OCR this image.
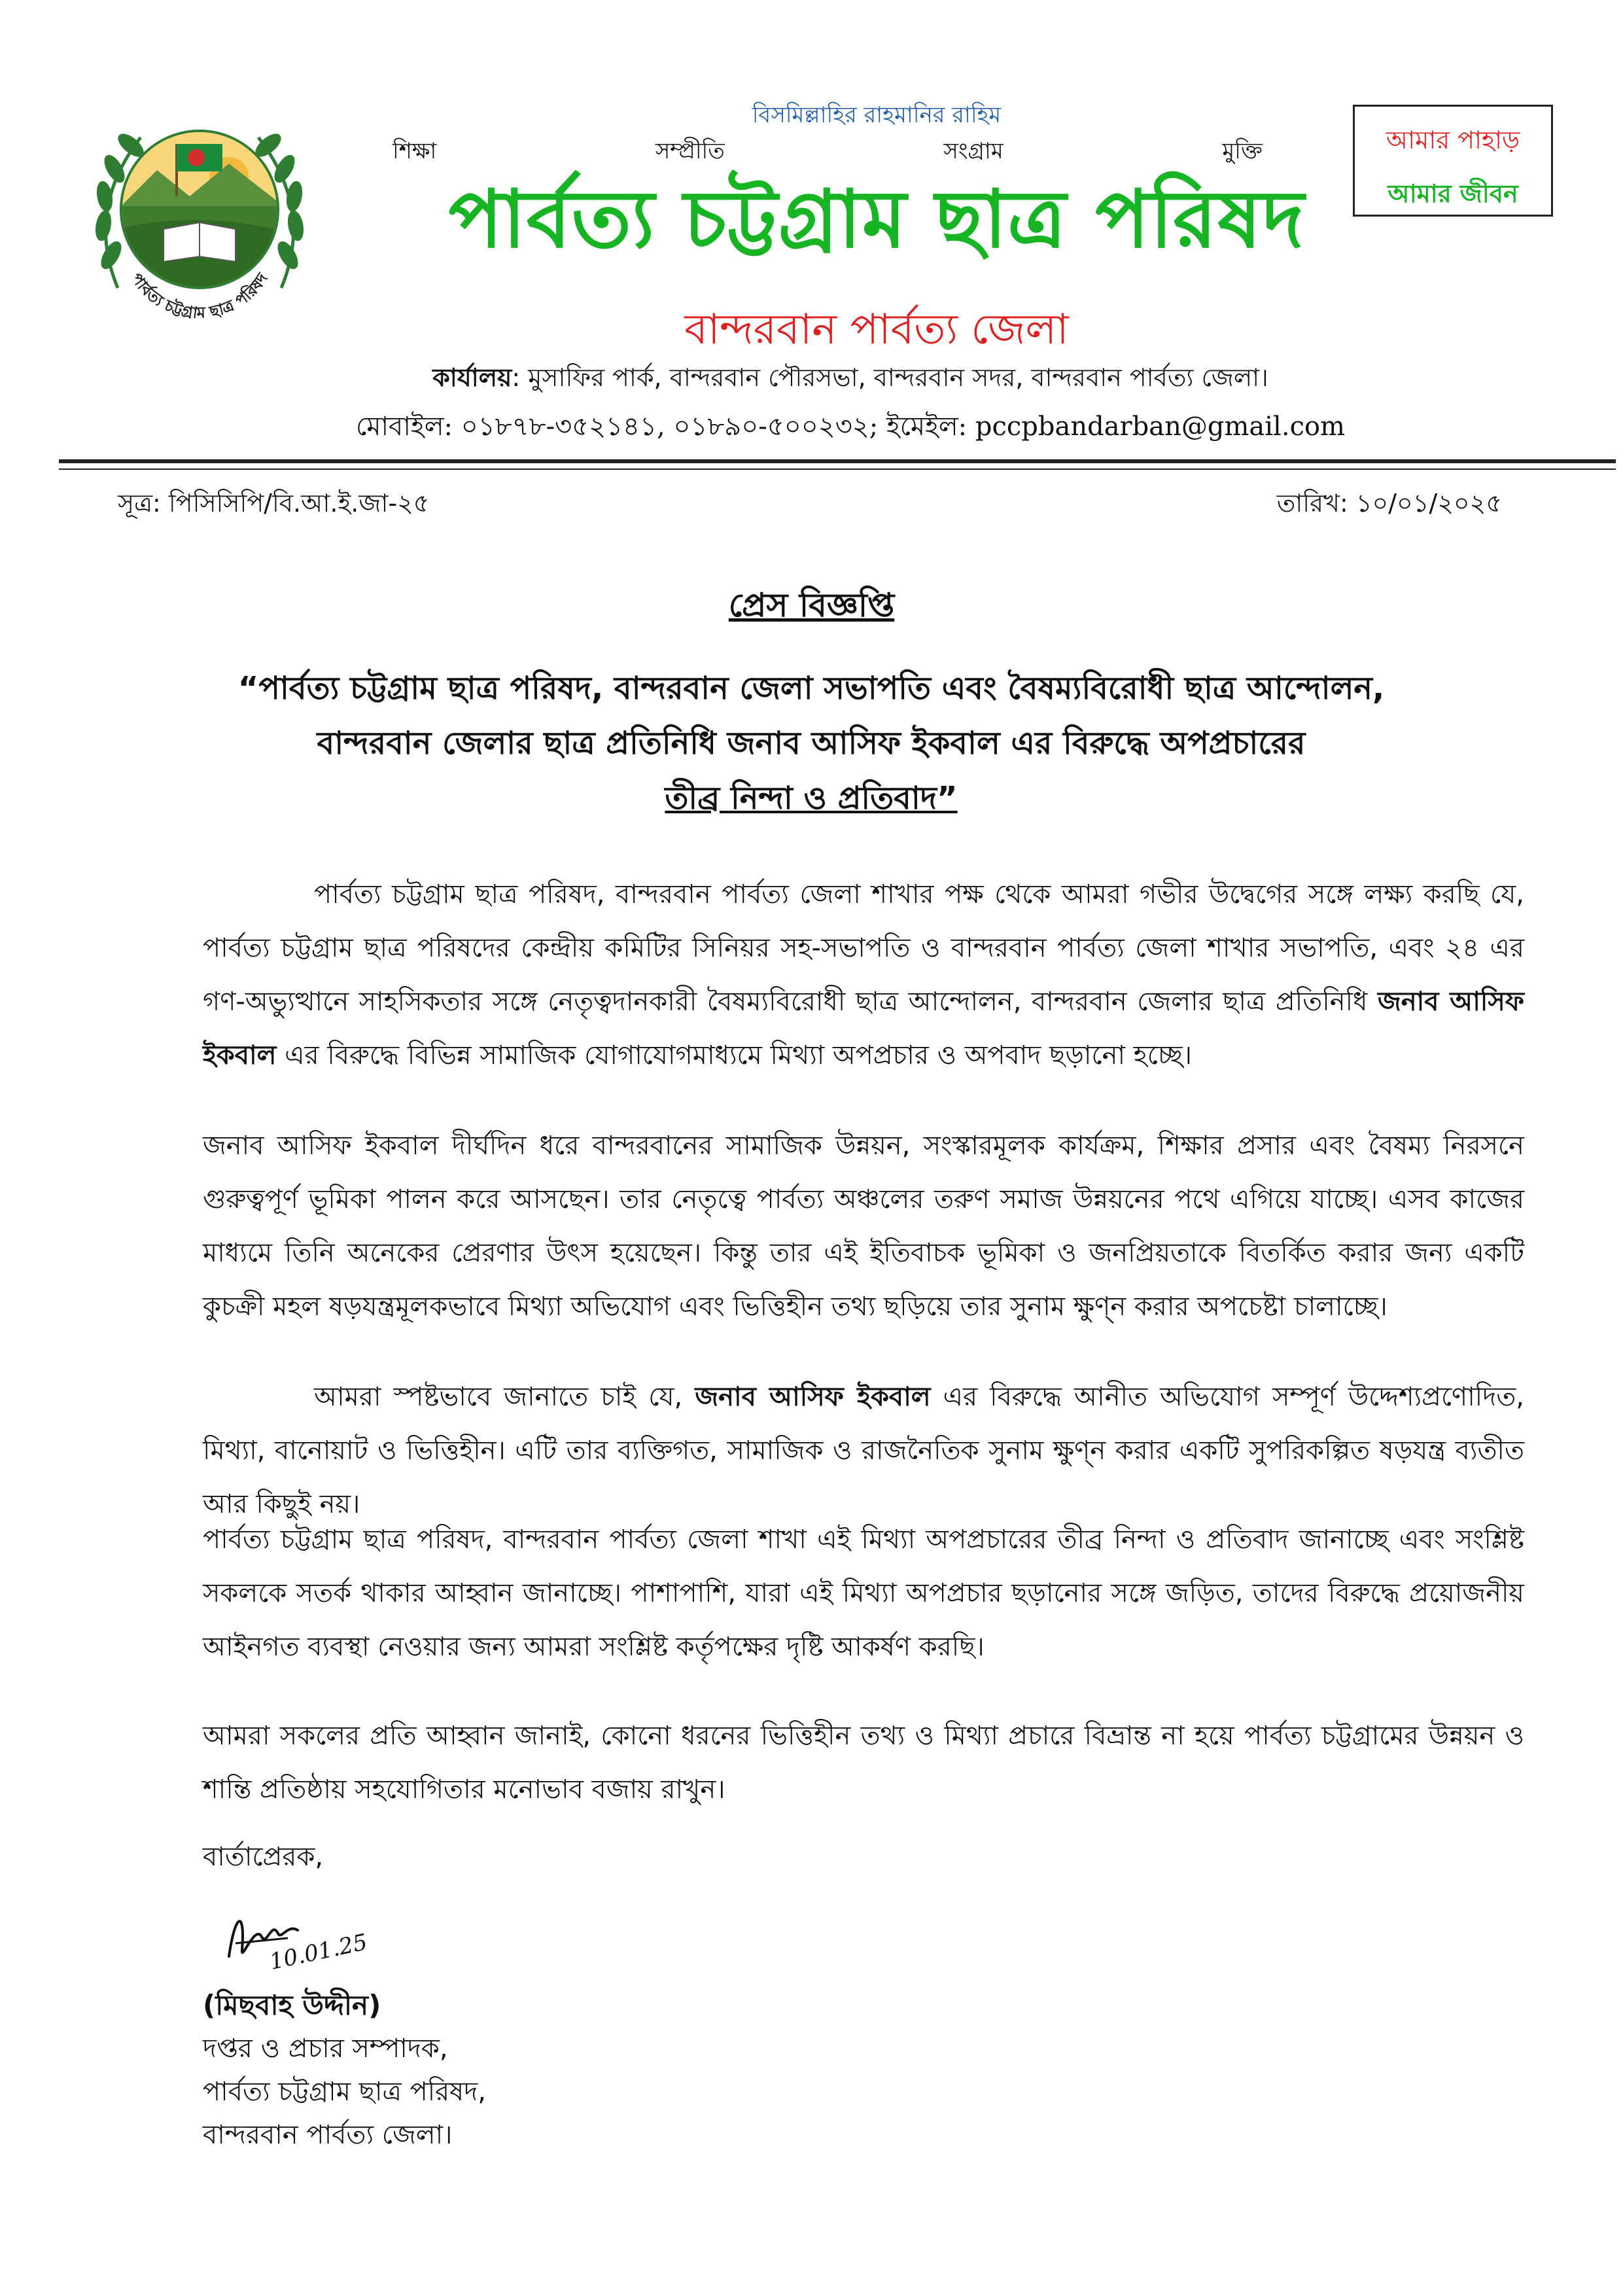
পার্বত্য চট্টগ্রাম ছাত্র পরিষদ
বিসমিল্লাহির রাহমানির রাহিম
শিক্ষা	সম্প্রীতি	সংগ্রাম	মুক্তি
পার্বত্য চট্টগ্রাম ছাত্র পরিষদ
বান্দরবান পার্বত্য জেলা
কার্যালয়: মুসাফির পার্ক, বান্দরবান পৌরসভা, বান্দরবান সদর, বান্দরবান পার্বত্য জেলা।
মোবাইল: ০১৮৭৮-৩৫২১৪১, ০১৮৯০-৫০০২৩২; ইমেইল: pccpbandarban@gmail.com
আমার পাহাড়
আমার জীবন
সূত্র: পিসিসিপি/বি.আ.ই.জা-২৫	তারিখ: ১০/০১/২০২৫
প্রেস বিজ্ঞপ্তি
“পার্বত্য চট্টগ্রাম ছাত্র পরিষদ, বান্দরবান জেলা সভাপতি এবং বৈষম্যবিরোধী ছাত্র আন্দোলন,
বান্দরবান জেলার ছাত্র প্রতিনিধি জনাব আসিফ ইকবাল এর বিরুদ্ধে অপপ্রচারের
তীব্র নিন্দা ও প্রতিবাদ”
পার্বত্য চট্টগ্রাম ছাত্র পরিষদ, বান্দরবান পার্বত্য জেলা শাখার পক্ষ থেকে আমরা গভীর উদ্বেগের সঙ্গে লক্ষ্য করছি যে, পার্বত্য চট্টগ্রাম ছাত্র পরিষদের কেন্দ্রীয় কমিটির সিনিয়র সহ-সভাপতি ও বান্দরবান পার্বত্য জেলা শাখার সভাপতি, এবং ২৪ এর গণ-অভ্যুত্থানে সাহসিকতার সঙ্গে নেতৃত্বদানকারী বৈষম্যবিরোধী ছাত্র আন্দোলন, বান্দরবান জেলার ছাত্র প্রতিনিধি জনাব আসিফ ইকবাল এর বিরুদ্ধে বিভিন্ন সামাজিক যোগাযোগমাধ্যমে মিথ্যা অপপ্রচার ও অপবাদ ছড়ানো হচ্ছে।
জনাব আসিফ ইকবাল দীর্ঘদিন ধরে বান্দরবানের সামাজিক উন্নয়ন, সংস্কারমূলক কার্যক্রম, শিক্ষার প্রসার এবং বৈষম্য নিরসনে গুরুত্বপূর্ণ ভূমিকা পালন করে আসছেন। তার নেতৃত্বে পার্বত্য অঞ্চলের তরুণ সমাজ উন্নয়নের পথে এগিয়ে যাচ্ছে। এসব কাজের মাধ্যমে তিনি অনেকের প্রেরণার উৎস হয়েছেন। কিন্তু তার এই ইতিবাচক ভূমিকা ও জনপ্রিয়তাকে বিতর্কিত করার জন্য একটি কুচক্রী মহল ষড়যন্ত্রমূলকভাবে মিথ্যা অভিযোগ এবং ভিত্তিহীন তথ্য ছড়িয়ে তার সুনাম ক্ষুণ্ন করার অপচেষ্টা চালাচ্ছে।
আমরা স্পষ্টভাবে জানাতে চাই যে, জনাব আসিফ ইকবাল এর বিরুদ্ধে আনীত অভিযোগ সম্পূর্ণ উদ্দেশ্যপ্রণোদিত, মিথ্যা, বানোয়াট ও ভিত্তিহীন। এটি তার ব্যক্তিগত, সামাজিক ও রাজনৈতিক সুনাম ক্ষুণ্ন করার একটি সুপরিকল্পিত ষড়যন্ত্র ব্যতীত আর কিছুই নয়।
পার্বত্য চট্টগ্রাম ছাত্র পরিষদ, বান্দরবান পার্বত্য জেলা শাখা এই মিথ্যা অপপ্রচারের তীব্র নিন্দা ও প্রতিবাদ জানাচ্ছে এবং সংশ্লিষ্ট সকলকে সতর্ক থাকার আহ্বান জানাচ্ছে। পাশাপাশি, যারা এই মিথ্যা অপপ্রচার ছড়ানোর সঙ্গে জড়িত, তাদের বিরুদ্ধে প্রয়োজনীয় আইনগত ব্যবস্থা নেওয়ার জন্য আমরা সংশ্লিষ্ট কর্তৃপক্ষের দৃষ্টি আকর্ষণ করছি।
আমরা সকলের প্রতি আহ্বান জানাই, কোনো ধরনের ভিত্তিহীন তথ্য ও মিথ্যা প্রচারে বিভ্রান্ত না হয়ে পার্বত্য চট্টগ্রামের উন্নয়ন ও শান্তি প্রতিষ্ঠায় সহযোগিতার মনোভাব বজায় রাখুন।
বার্তাপ্রেরক,
10.01.25
(মিছবাহ উদ্দীন)
দপ্তর ও প্রচার সম্পাদক,
পার্বত্য চট্টগ্রাম ছাত্র পরিষদ,
বান্দরবান পার্বত্য জেলা।
